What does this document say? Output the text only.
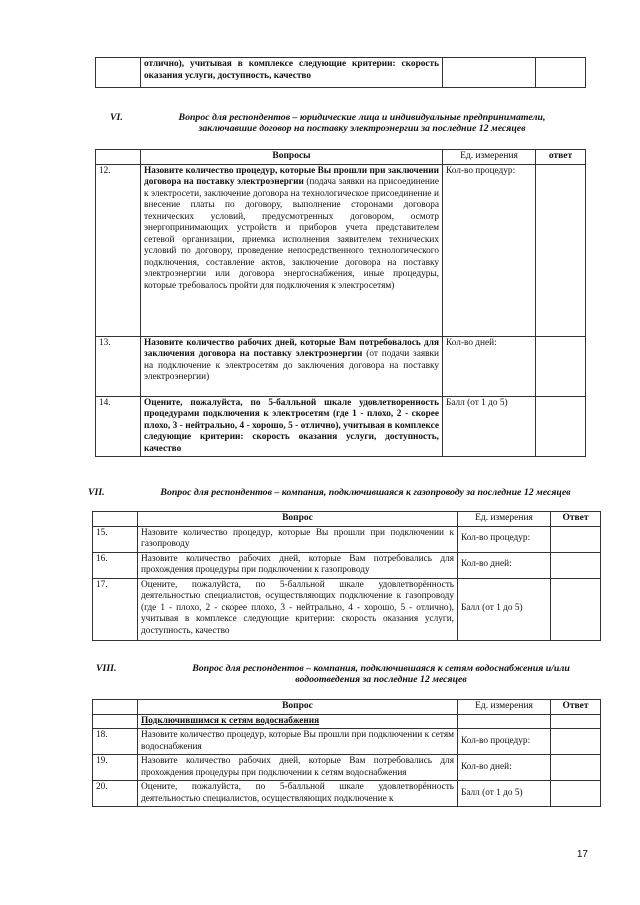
	отлично), учитывая в комплексе следующие критерии: скорость оказания услуги, доступность, качество		
VI.	Вопрос для респондентов – юридические лица и индивидуальные предприниматели, заключавшие договор на поставку электроэнергии за последние 12 месяцев
	Вопросы	Ед. измерения	ответ
12.	Назовите количество процедур, которые Вы прошли при заключении договора на поставку электроэнергии (подача заявки на присоединение к электросети, заключение договора на технологическое присоединение и внесение платы по договору, выполнение сторонами договора технических условий, предусмотренных договором, осмотр энергопринимающих устройств и приборов учета представителем сетевой организации, приемка исполнения заявителем технических условий по договору, проведение непосредственного технологического подключения, составление актов, заключение договора на поставку электроэнергии или договора энергоснабжения, иные процедуры, которые требовалось пройти для подключения к электросетям)	Кол-во процедур:	
13.	Назовите количество рабочих дней, которые Вам потребовалось для заключения договора на поставку электроэнергии (от подачи заявки на подключение к электросетям до заключения договора на поставку электроэнергии)	Кол-во дней:	
14.	Оцените, пожалуйста, по 5-балльной шкале удовлетворенность процедурами подключения к электросетям (где 1 - плохо, 2 - скорее плохо, 3 - нейтрально, 4 - хорошо, 5 - отлично), учитывая в комплексе следующие критерии: скорость оказания услуги, доступность, качество	Балл (от 1 до 5)	
VII.	Вопрос для респондентов – компания, подключившаяся к газопроводу за последние 12 месяцев
	Вопрос	Ед. измерения	Ответ
15.	Назовите количество процедур, которые Вы прошли при подключении к газопроводу	Кол-во процедур:	
16.	Назовите количество рабочих дней, которые Вам потребовались для прохождения процедуры при подключении к газопроводу	Кол-во дней:	
17.	Оцените, пожалуйста, по 5-балльной шкале удовлетворённость деятельностью специалистов, осуществляющих подключение к газопроводу (где 1 - плохо, 2 - скорее плохо, 3 - нейтрально, 4 - хорошо, 5 - отлично), учитывая в комплексе следующие критерии: скорость оказания услуги, доступность, качество	Балл (от 1 до 5)	
VIII.	Вопрос для респондентов – компания, подключившаяся к сетям водоснабжения и/или водоотведения за последние 12 месяцев
	Вопрос	Ед. измерения	Ответ
	Подключившимся к сетям водоснабжения		
18.	Назовите количество процедур, которые Вы прошли при подключении к сетям водоснабжения	Кол-во процедур:	
19.	Назовите количество рабочих дней, которые Вам потребовались для прохождения процедуры при подключении к сетям водоснабжения	Кол-во дней:	
20.	Оцените, пожалуйста, по 5-балльной шкале удовлетворённость деятельностью специалистов, осуществляющих подключение к	Балл (от 1 до 5)	
17
